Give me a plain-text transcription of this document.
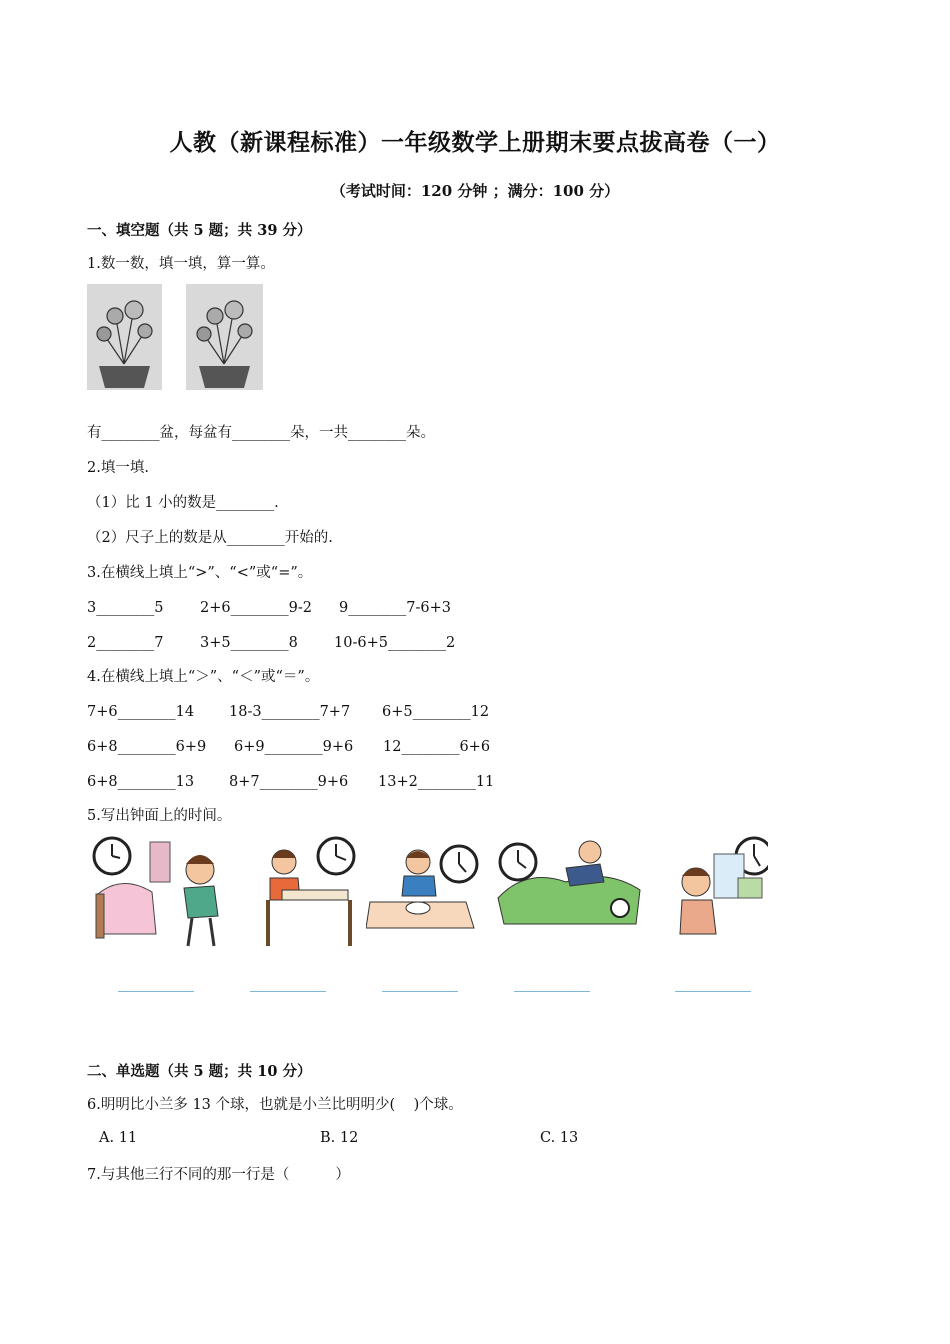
人教（新课程标准）一年级数学上册期末要点拔高卷（一）
（考试时间：120 分钟 ；满分：100 分）
一、填空题（共 5 题；共 39 分）
1.数一数，填一填，算一算。
有________盆，每盆有________朵，一共________朵。
2.填一填.
（1）比 1 小的数是________.
（2）尺子上的数是从________开始的.
3.在横线上填上“>”、“<”或“=”。
3________5	2+6________9-2 9________7-6+3
2________7	3+5________8 10-6+5________2
4.在横线上填上“＞”、“＜”或“＝”。
7+6________14 18-3________7+7 6+5________12
6+8________6+9 6+9________9+6 12________6+6
6+8________13 8+7________9+6 13+2________11
5.写出钟面上的时间。
二、单选题（共 5 题；共 10 分）
6.明明比小兰多 13 个球，也就是小兰比明明少(    )个球。
A. 11	B. 12	C. 13
7.与其他三行不同的那一行是（          ）
